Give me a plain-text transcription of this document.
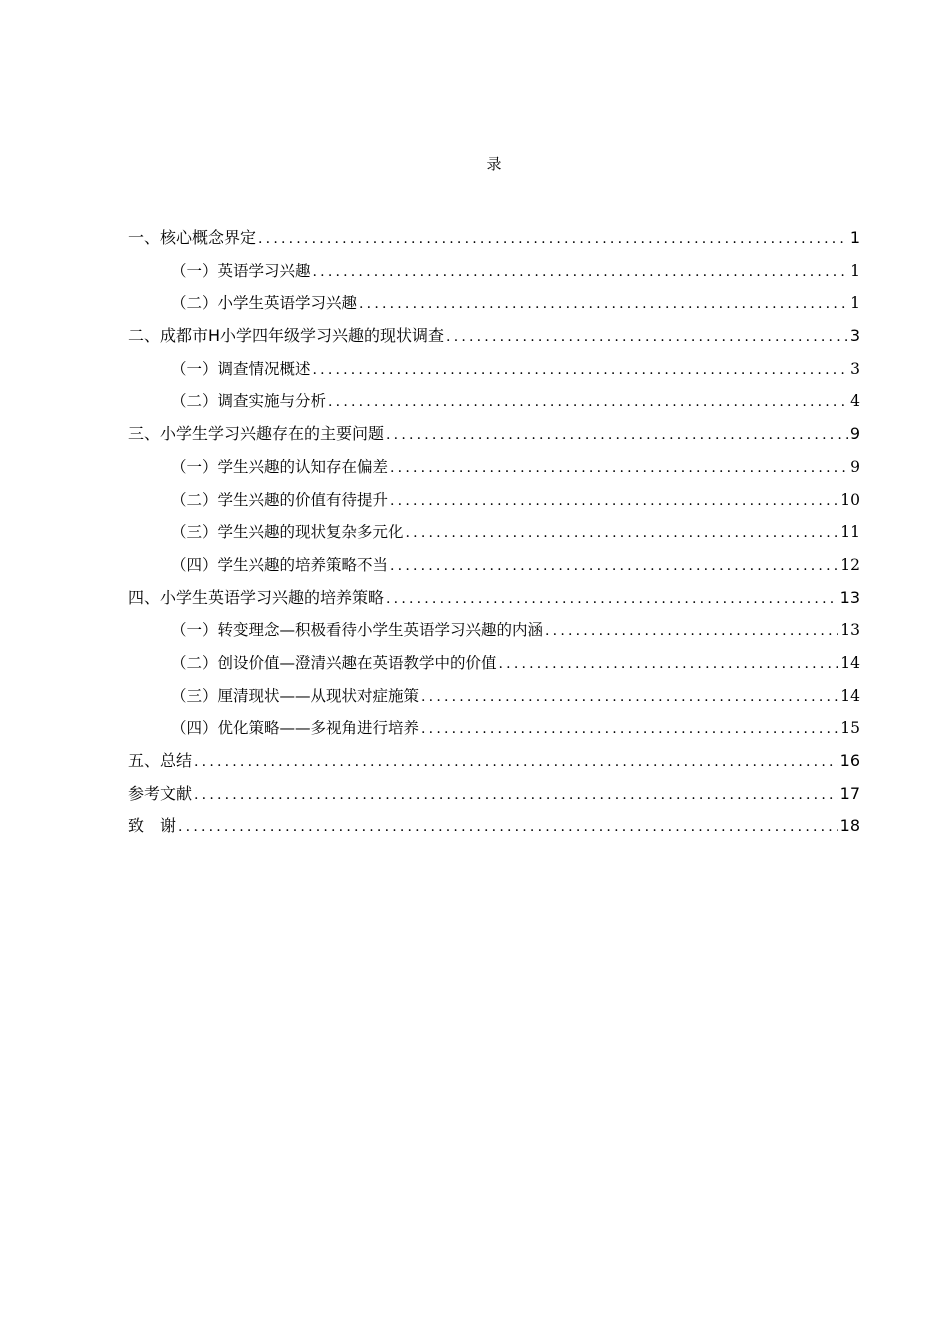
录
一、核心概念界定 .....	1
（一）英语学习兴趣 .....	1
（二）小学生英语学习兴趣 .....	1
二、成都市H小学四年级学习兴趣的现状调查 .....	3
（一）调查情况概述 .....	3
（二）调查实施与分析 .....	4
三、小学生学习兴趣存在的主要问题 .....	9
（一）学生兴趣的认知存在偏差 .....	9
（二）学生兴趣的价值有待提升 .....	10
（三）学生兴趣的现状复杂多元化 .....	11
（四）学生兴趣的培养策略不当 .....	12
四、小学生英语学习兴趣的培养策略 .....	13
（一）转变理念—积极看待小学生英语学习兴趣的内涵 .....	13
（二）创设价值—澄清兴趣在英语教学中的价值 .....	14
（三）厘清现状——从现状对症施策 .....	14
（四）优化策略——多视角进行培养 .....	15
五、总结 .....	16
参考文献 .....	17
致　谢 .....	18
